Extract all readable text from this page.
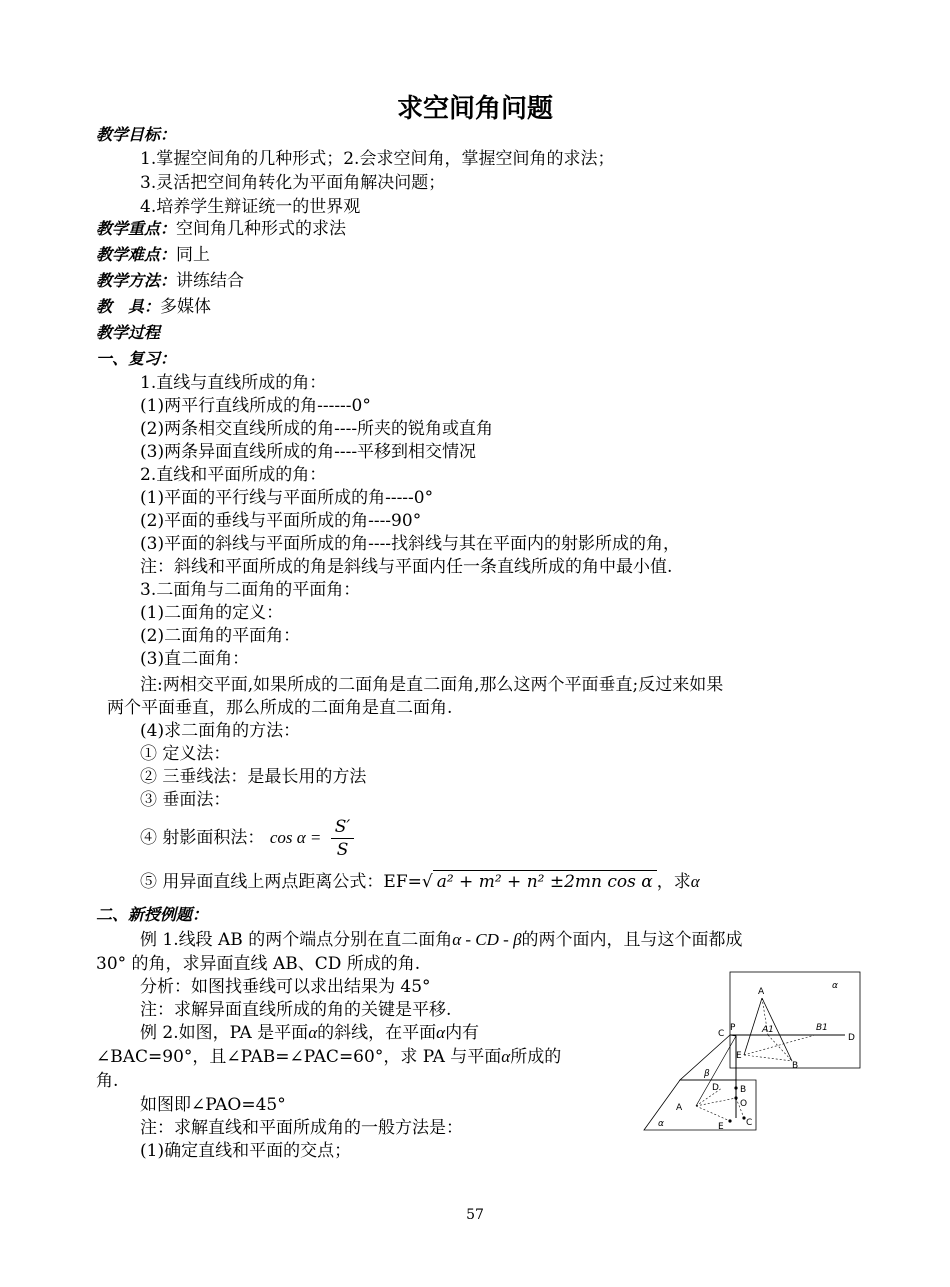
求空间角问题
教学目标：
1.掌握空间角的几种形式；2.会求空间角，掌握空间角的求法；
3.灵活把空间角转化为平面角解决问题；
4.培养学生辩证统一的世界观
教学重点：空间角几种形式的求法
教学难点：同上
教学方法：讲练结合
教　具：多媒体
教学过程
一、复习：
1.直线与直线所成的角：
(1)两平行直线所成的角------0°
(2)两条相交直线所成的角----所夹的锐角或直角
(3)两条异面直线所成的角----平移到相交情况
2.直线和平面所成的角：
(1)平面的平行线与平面所成的角-----0°
(2)平面的垂线与平面所成的角----90°
(3)平面的斜线与平面所成的角----找斜线与其在平面内的射影所成的角，
注：斜线和平面所成的角是斜线与平面内任一条直线所成的角中最小值.
3.二面角与二面角的平面角：
(1)二面角的定义：
(2)二面角的平面角：
(3)直二面角：
注:两相交平面,如果所成的二面角是直二面角,那么这两个平面垂直;反过来如果
两个平面垂直，那么所成的二面角是直二面角.
(4)求二面角的方法：
① 定义法：
② 三垂线法：是最长用的方法
③ 垂面法：
④ 射影面积法： $\cos \alpha = \frac{S'}{S}$
⑤ 用异面直线上两点距离公式：EF=√ a² + m² + n² ±2mn cos α ，求α
二、新授例题：
例 1.线段 AB 的两个端点分别在直二面角α - CD - β的两个面内，且与这个面都成
30° 的角，求异面直线 AB、CD 所成的角.
分析：如图找垂线可以求出结果为 45°
注：求解异面直线所成的角的关键是平移.
例 2.如图，PA 是平面α的斜线，在平面α内有
∠BAC=90°，且∠PAB=∠PAC=60°，求 PA 与平面α所成的
角.
如图即∠PAO=45°
注：求解直线和平面所成角的一般方法是：
(1)确定直线和平面的交点；
α
A
C
P	A1	B1
D
E
B
β
D B
O
A
C
E
α
57
